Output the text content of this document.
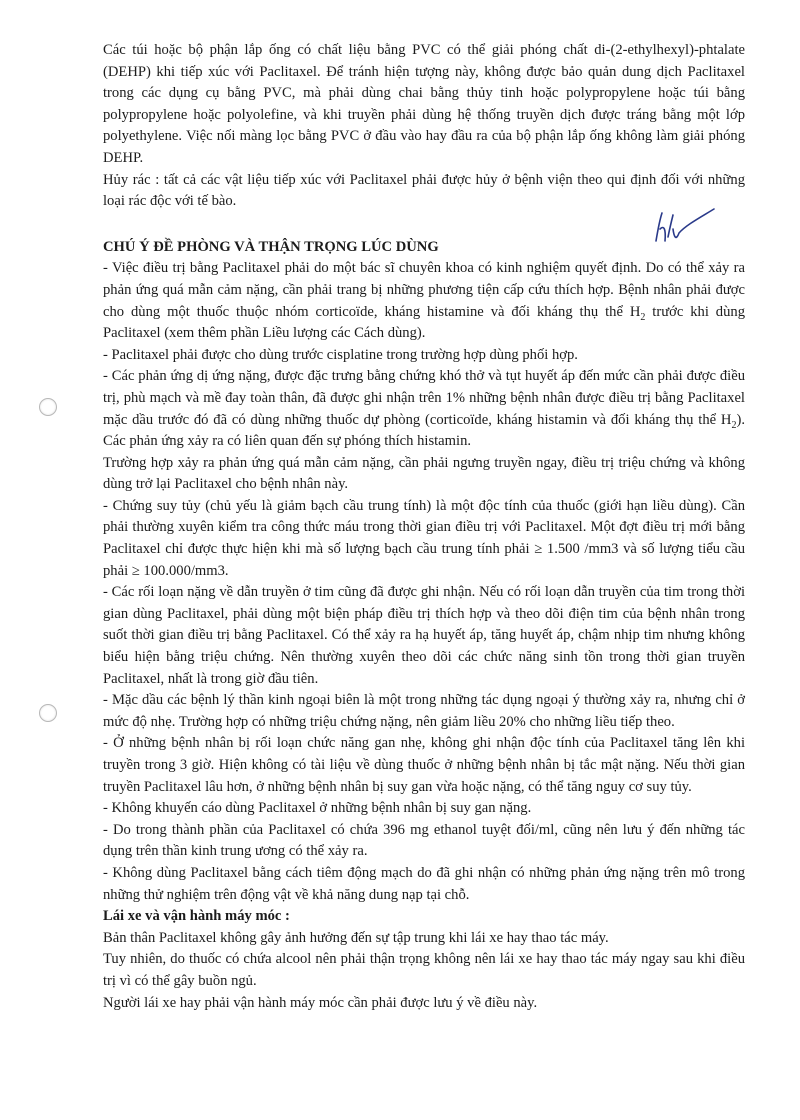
Các túi hoặc bộ phận lắp ống có chất liệu bằng PVC có thể giải phóng chất di-(2-ethylhexyl)-phtalate (DEHP) khi tiếp xúc với Paclitaxel. Để tránh hiện tượng này, không được bảo quản dung dịch Paclitaxel trong các dụng cụ bằng PVC, mà phải dùng chai bằng thủy tinh hoặc polypropylene hoặc túi bằng polypropylene hoặc polyolefine, và khi truyền phải dùng hệ thống truyền dịch được tráng bằng một lớp polyethylene. Việc nối màng lọc bằng PVC ở đầu vào hay đầu ra của bộ phận lắp ống không làm giải phóng DEHP.

Hủy rác : tất cả các vật liệu tiếp xúc với Paclitaxel phải được hủy ở bệnh viện theo qui định đối với những loại rác độc với tế bào.

CHÚ Ý ĐỀ PHÒNG VÀ THẬN TRỌNG LÚC DÙNG

- Việc điều trị bằng Paclitaxel phải do một bác sĩ chuyên khoa có kinh nghiệm quyết định. Do có thể xảy ra phản ứng quá mẫn cảm nặng, cần phải trang bị những phương tiện cấp cứu thích hợp. Bệnh nhân phải được cho dùng một thuốc thuộc nhóm corticoïde, kháng histamine và đối kháng thụ thể $H_2$ trước khi dùng Paclitaxel (xem thêm phần Liều lượng các Cách dùng).

- Paclitaxel phải được cho dùng trước cisplatine trong trường hợp dùng phối hợp.

- Các phản ứng dị ứng nặng, được đặc trưng bằng chứng khó thở và tụt huyết áp đến mức cần phải được điều trị, phù mạch và mề đay toàn thân, đã được ghi nhận trên 1% những bệnh nhân được điều trị bằng Paclitaxel mặc dầu trước đó đã có dùng những thuốc dự phòng (corticoïde, kháng histamin và đối kháng thụ thể $H_2$). Các phản ứng xảy ra có liên quan đến sự phóng thích histamin.

Trường hợp xảy ra phản ứng quá mẫn cảm nặng, cần phải ngưng truyền ngay, điều trị triệu chứng và không dùng trở lại Paclitaxel cho bệnh nhân này.

- Chứng suy tủy (chủ yếu là giảm bạch cầu trung tính) là một độc tính của thuốc (giới hạn liều dùng). Cần phải thường xuyên kiểm tra công thức máu trong thời gian điều trị với Paclitaxel. Một đợt điều trị mới bằng Paclitaxel chỉ được thực hiện khi mà số lượng bạch cầu trung tính phải ≥ 1.500 /mm3 và số lượng tiểu cầu phải ≥ 100.000/mm3.

- Các rối loạn nặng về dẫn truyền ở tim cũng đã được ghi nhận. Nếu có rối loạn dẫn truyền của tim trong thời gian dùng Paclitaxel, phải dùng một biện pháp điều trị thích hợp và theo dõi điện tim của bệnh nhân trong suốt thời gian điều trị bằng Paclitaxel. Có thể xảy ra hạ huyết áp, tăng huyết áp, chậm nhịp tim nhưng không biểu hiện bằng triệu chứng. Nên thường xuyên theo dõi các chức năng sinh tồn trong thời gian truyền Paclitaxel, nhất là trong giờ đầu tiên.

- Mặc dầu các bệnh lý thần kinh ngoại biên là một trong những tác dụng ngoại ý thường xảy ra, nhưng chỉ ở mức độ nhẹ. Trường hợp có những triệu chứng nặng, nên giảm liều 20% cho những liều tiếp theo.

- Ở những bệnh nhân bị rối loạn chức năng gan nhẹ, không ghi nhận độc tính của Paclitaxel tăng lên khi truyền trong 3 giờ. Hiện không có tài liệu về dùng thuốc ở những bệnh nhân bị tắc mật nặng. Nếu thời gian truyền Paclitaxel lâu hơn, ở những bệnh nhân bị suy gan vừa hoặc nặng, có thể tăng nguy cơ suy tủy.

- Không khuyến cáo dùng Paclitaxel ở những bệnh nhân bị suy gan nặng.

- Do trong thành phần của Paclitaxel có chứa 396 mg ethanol tuyệt đối/ml, cũng nên lưu ý đến những tác dụng trên thần kinh trung ương có thể xảy ra.

- Không dùng Paclitaxel bằng cách tiêm động mạch do đã ghi nhận có những phản ứng nặng trên mô trong những thử nghiệm trên động vật về khả năng dung nạp tại chỗ.

Lái xe và vận hành máy móc :

Bản thân Paclitaxel không gây ảnh hưởng đến sự tập trung khi lái xe hay thao tác máy.

Tuy nhiên, do thuốc có chứa alcool nên phải thận trọng không nên lái xe hay thao tác máy ngay sau khi điều trị vì có thể gây buồn ngủ.

Người lái xe hay phải vận hành máy móc cần phải được lưu ý về điều này.
